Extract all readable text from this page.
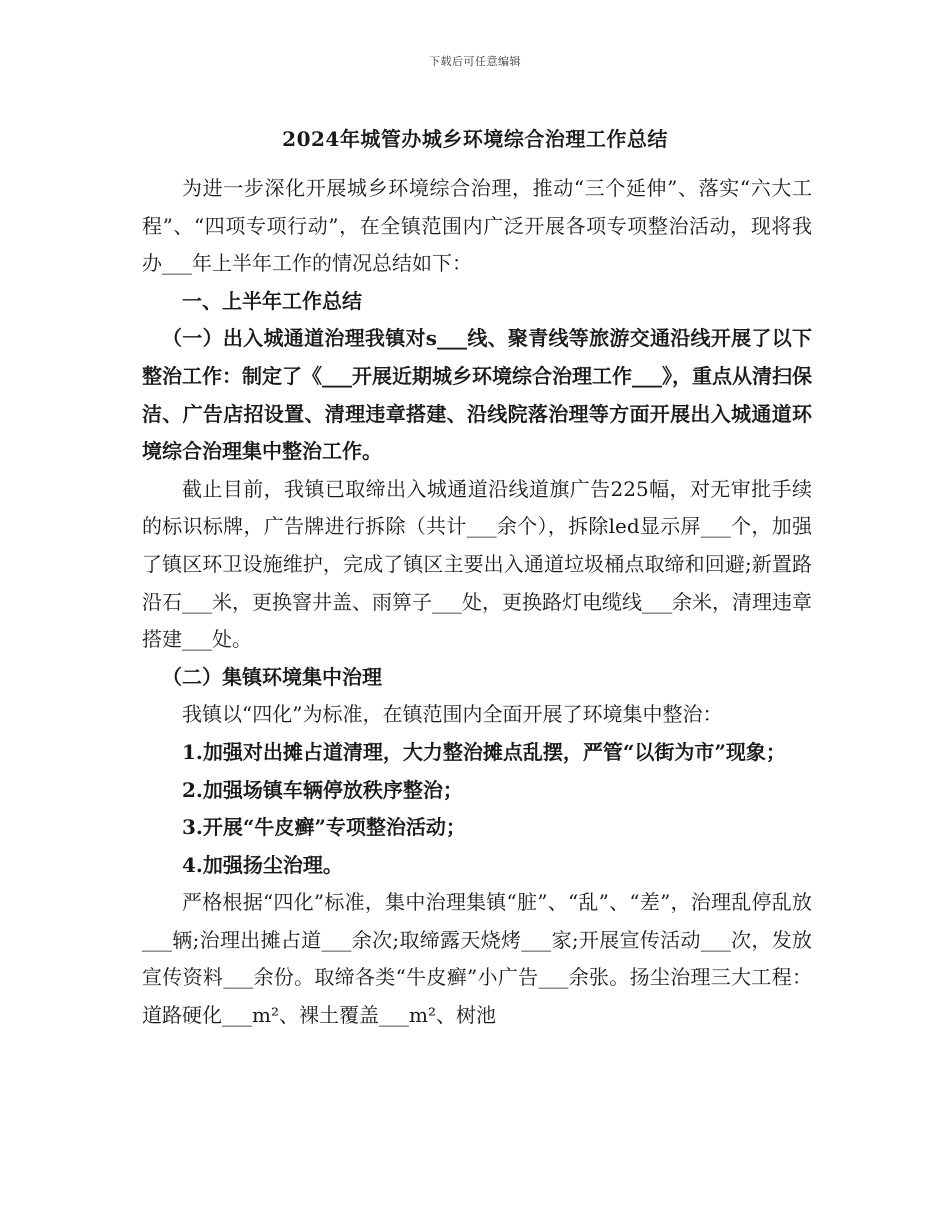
下载后可任意编辑
2024年城管办城乡环境综合治理工作总结

为进一步深化开展城乡环境综合治理，推动“三个延伸”、落实“六大工程”、“四项专项行动”，在全镇范围内广泛开展各项专项整治活动，现将我办___年上半年工作的情况总结如下：

一、上半年工作总结

（一）出入城通道治理我镇对s___线、聚青线等旅游交通沿线开展了以下整治工作：制定了《___开展近期城乡环境综合治理工作___》，重点从清扫保洁、广告店招设置、清理违章搭建、沿线院落治理等方面开展出入城通道环境综合治理集中整治工作。

截止目前，我镇已取缔出入城通道沿线道旗广告225幅，对无审批手续的标识标牌，广告牌进行拆除（共计___余个），拆除led显示屏___个，加强了镇区环卫设施维护，完成了镇区主要出入通道垃圾桶点取缔和回避;新置路沿石___米，更换窨井盖、雨箅子___处，更换路灯电缆线___余米，清理违章搭建___处。

（二）集镇环境集中治理

我镇以“四化”为标准，在镇范围内全面开展了环境集中整治：

1.加强对出摊占道清理，大力整治摊点乱摆，严管“以街为市”现象；

2.加强场镇车辆停放秩序整治；

3.开展“牛皮癣”专项整治活动；

4.加强扬尘治理。

严格根据“四化”标准，集中治理集镇“脏”、“乱”、“差”，治理乱停乱放___辆;治理出摊占道___余次;取缔露天烧烤___家;开展宣传活动___次，发放宣传资料___余份。取缔各类“牛皮癣”小广告___余张。扬尘治理三大工程：道路硬化___m²、裸土覆盖___m²、树池
